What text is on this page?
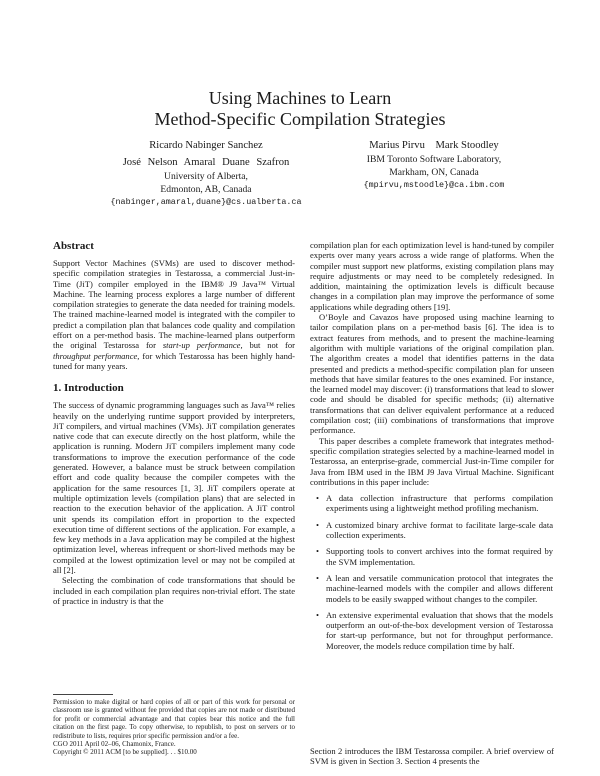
Using Machines to Learn
Method-Specific Compilation Strategies
Ricardo Nabinger Sanchez
José Nelson Amaral Duane Szafron
University of Alberta,
Edmonton, AB, Canada
{nabinger,amaral,duane}@cs.ualberta.ca
Marius Pirvu    Mark Stoodley
IBM Toronto Software Laboratory,
Markham, ON, Canada
{mpirvu,mstoodle}@ca.ibm.com
Abstract

Support Vector Machines (SVMs) are used to discover method-specific compilation strategies in Testarossa, a commercial Just-in-Time (JiT) compiler employed in the IBM® J9 Java™ Virtual Machine. The learning process explores a large number of different compilation strategies to generate the data needed for training models. The trained machine-learned model is integrated with the compiler to predict a compilation plan that balances code quality and compilation effort on a per-method basis. The machine-learned plans outperform the original Testarossa for start-up performance, but not for throughput performance, for which Testarossa has been highly hand-tuned for many years.

1. Introduction

The success of dynamic programming languages such as Java™ relies heavily on the underlying runtime support provided by interpreters, JiT compilers, and virtual machines (VMs). JiT compilation generates native code that can execute directly on the host platform, while the application is running. Modern JiT compilers implement many code transformations to improve the execution performance of the code generated. However, a balance must be struck between compilation effort and code quality because the compiler competes with the application for the same resources [1, 3]. JiT compilers operate at multiple optimization levels (compilation plans) that are selected in reaction to the execution behavior of the application. A JiT control unit spends its compilation effort in proportion to the expected execution time of different sections of the application. For example, a few key methods in a Java application may be compiled at the highest optimization level, whereas infrequent or short-lived methods may be compiled at the lowest optimization level or may not be compiled at all [2].

Selecting the combination of code transformations that should be included in each compilation plan requires non-trivial effort. The state of practice in industry is that the

Permission to make digital or hard copies of all or part of this work for personal or classroom use is granted without fee provided that copies are not made or distributed for profit or commercial advantage and that copies bear this notice and the full citation on the first page. To copy otherwise, to republish, to post on servers or to redistribute to lists, requires prior specific permission and/or a fee.
CGO 2011 April 02–06, Chamonix, France.
Copyright © 2011 ACM [to be supplied]. . . $10.00

compilation plan for each optimization level is hand-tuned by compiler experts over many years across a wide range of platforms. When the compiler must support new platforms, existing compilation plans may require adjustments or may need to be completely redesigned. In addition, maintaining the optimization levels is difficult because changes in a compilation plan may improve the performance of some applications while degrading others [19].

O’Boyle and Cavazos have proposed using machine learning to tailor compilation plans on a per-method basis [6]. The idea is to extract features from methods, and to present the machine-learning algorithm with multiple variations of the original compilation plan. The algorithm creates a model that identifies patterns in the data presented and predicts a method-specific compilation plan for unseen methods that have similar features to the ones examined. For instance, the learned model may discover: (i) transformations that lead to slower code and should be disabled for specific methods; (ii) alternative transformations that can deliver equivalent performance at a reduced compilation cost; (iii) combinations of transformations that improve performance.

This paper describes a complete framework that integrates method-specific compilation strategies selected by a machine-learned model in Testarossa, an enterprise-grade, commercial Just-in-Time compiler for Java from IBM used in the IBM J9 Java Virtual Machine. Significant contributions in this paper include:

• A data collection infrastructure that performs compilation experiments using a lightweight method profiling mechanism.
• A customized binary archive format to facilitate large-scale data collection experiments.
• Supporting tools to convert archives into the format required by the SVM implementation.
• A lean and versatile communication protocol that integrates the machine-learned models with the compiler and allows different models to be easily swapped without changes to the compiler.
• An extensive experimental evaluation that shows that the models outperform an out-of-the-box development version of Testarossa for start-up performance, but not for throughput performance. Moreover, the models reduce compilation time by half.

Section 2 introduces the IBM Testarossa compiler. A brief overview of SVM is given in Section 3. Section 4 presents the
